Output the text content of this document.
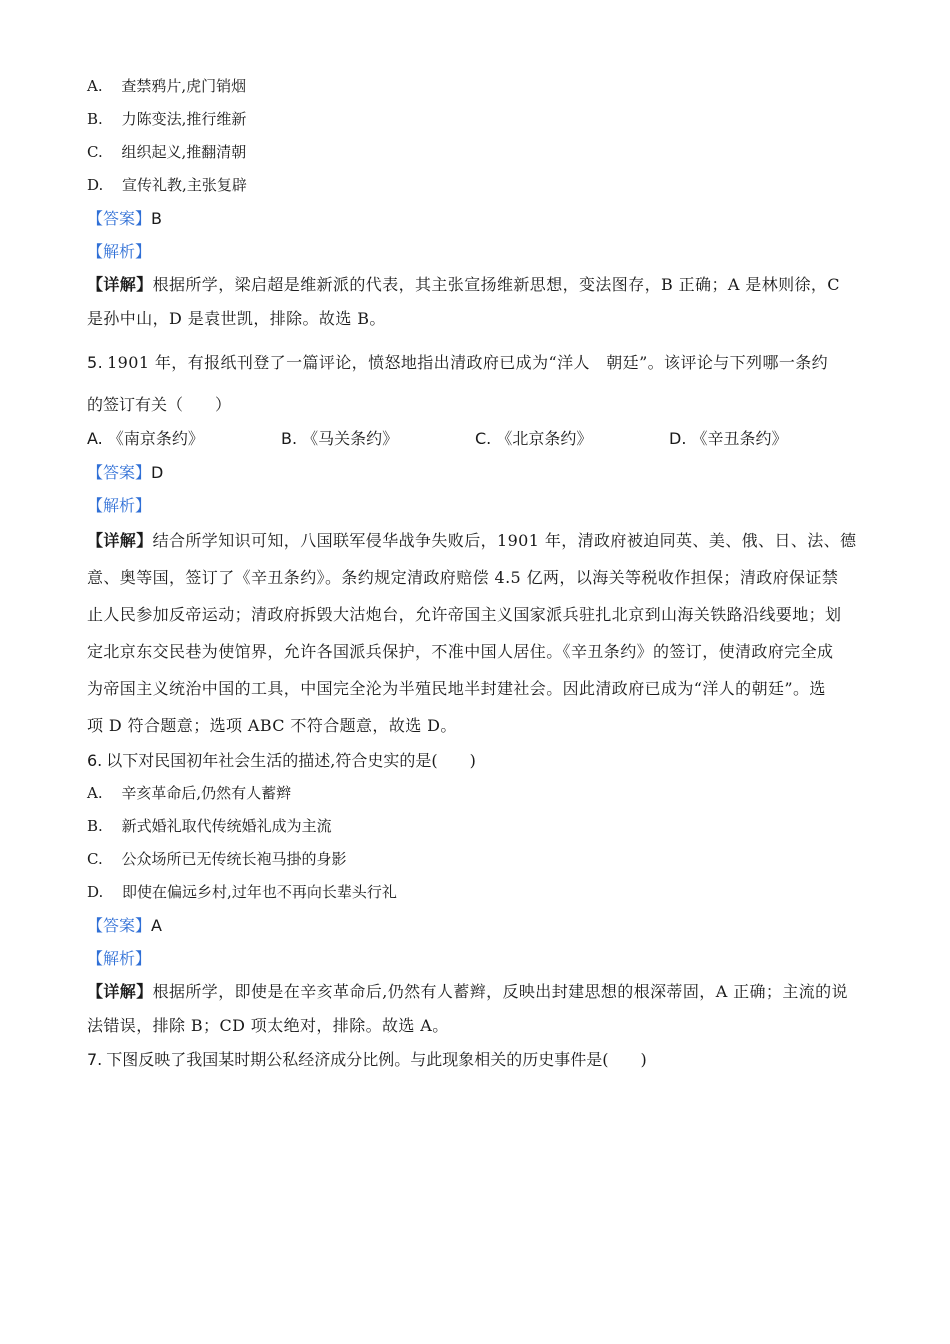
A. 查禁鸦片,虎门销烟
B. 力陈变法,推行维新
C. 组织起义,推翻清朝
D. 宣传礼教,主张复辟
【答案】B
【解析】
【详解】根据所学，梁启超是维新派的代表，其主张宣扬维新思想，变法图存，B 正确；A 是林则徐，C
是孙中山，D 是袁世凯，排除。故选 B。
5. 1901 年，有报纸刊登了一篇评论，愤怒地指出清政府已成为“洋人　朝廷”。该评论与下列哪一条约
的签订有关（　　）
A. 《南京条约》	B. 《马关条约》	C. 《北京条约》	D. 《辛丑条约》
【答案】D
【解析】
【详解】结合所学知识可知，八国联军侵华战争失败后，1901 年，清政府被迫同英、美、俄、日、法、德
意、奥等国，签订了《辛丑条约》。条约规定清政府赔偿 4.5 亿两，以海关等税收作担保；清政府保证禁
止人民参加反帝运动；清政府拆毁大沽炮台，允许帝国主义国家派兵驻扎北京到山海关铁路沿线要地；划
定北京东交民巷为使馆界，允许各国派兵保护，不准中国人居住。《辛丑条约》的签订，使清政府完全成
为帝国主义统治中国的工具，中国完全沦为半殖民地半封建社会。因此清政府已成为“洋人的朝廷”。选
项 D 符合题意；选项 ABC 不符合题意，故选 D。
6. 以下对民国初年社会生活的描述,符合史实的是(　　)
A. 辛亥革命后,仍然有人蓄辫
B. 新式婚礼取代传统婚礼成为主流
C. 公众场所已无传统长袍马掛的身影
D. 即使在偏远乡村,过年也不再向长辈头行礼
【答案】A
【解析】
【详解】根据所学，即使是在辛亥革命后,仍然有人蓄辫，反映出封建思想的根深蒂固，A 正确；主流的说
法错误，排除 B；CD 项太绝对，排除。故选 A。
7. 下图反映了我国某时期公私经济成分比例。与此现象相关的历史事件是(　　)
